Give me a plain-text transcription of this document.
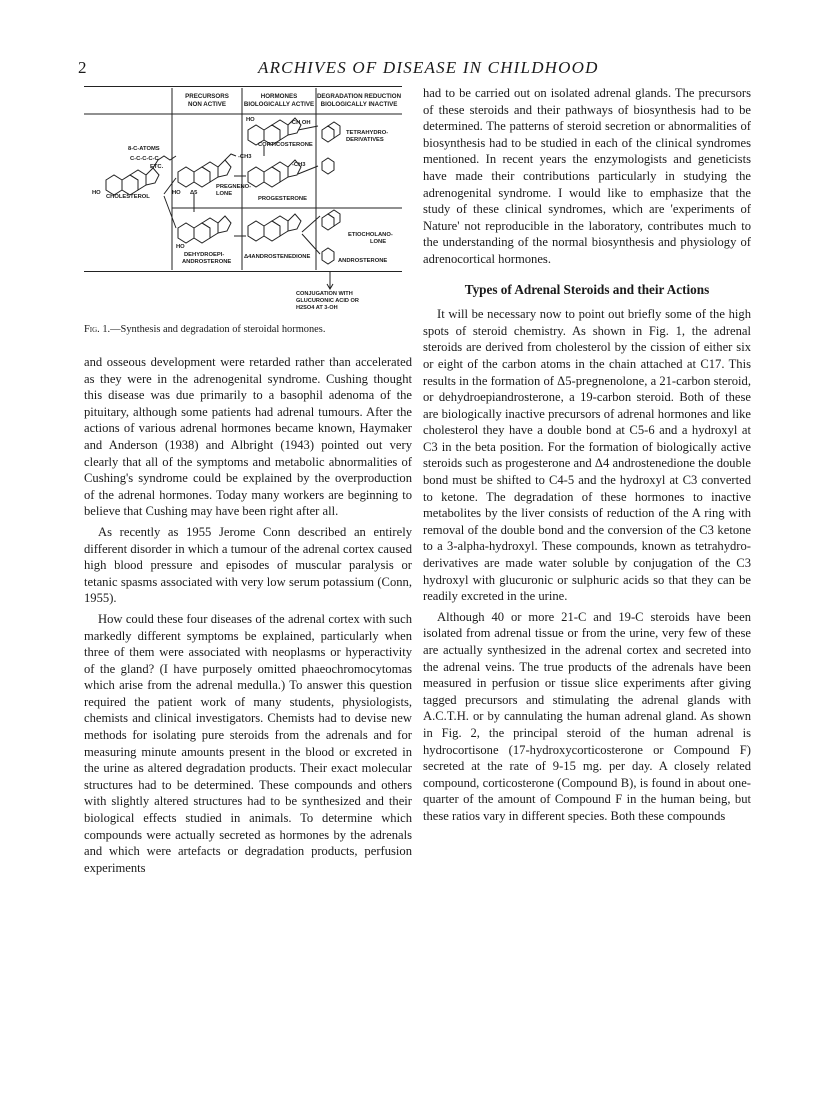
2	ARCHIVES OF DISEASE IN CHILDHOOD
PRECURSORS
NON ACTIVE
HORMONES
BIOLOGICALLY ACTIVE
DEGRADATION REDUCTION
BIOLOGICALLY INACTIVE
8-C-ATOMS
C-C-C-C-C
ETC.
HO
CHOLESTEROL
-CH3
HO Δ5
PREGNENO-
LONE
HO
DEHYDROEPI-
ANDROSTERONE
HO	-CH OH
CORTICOSTERONE
-CH3
PROGESTERONE
Δ4ANDROSTENEDIONE
TETRAHYDRO-
DERIVATIVES
ETIOCHOLANO-
LONE
ANDROSTERONE
CONJUGATION WITH
GLUCURONIC ACID OR
H2SO4 AT 3-OH
Fig. 1.—Synthesis and degradation of steroidal hormones.

and osseous development were retarded rather than accelerated as they were in the adrenogenital syndrome. Cushing thought this disease was due primarily to a basophil adenoma of the pituitary, although some patients had adrenal tumours. After the actions of various adrenal hormones became known, Haymaker and Anderson (1938) and Albright (1943) pointed out very clearly that all of the symptoms and metabolic abnormalities of Cushing's syndrome could be explained by the overproduction of the adrenal hormones. Today many workers are beginning to believe that Cushing may have been right after all.

As recently as 1955 Jerome Conn described an entirely different disorder in which a tumour of the adrenal cortex caused high blood pressure and episodes of muscular paralysis or tetanic spasms associated with very low serum potassium (Conn, 1955).

How could these four diseases of the adrenal cortex with such markedly different symptoms be explained, particularly when three of them were associated with neoplasms or hyperactivity of the gland? (I have purposely omitted phaeochromocytomas which arise from the adrenal medulla.) To answer this question required the patient work of many students, physiologists, chemists and clinical investigators. Chemists had to devise new methods for isolating pure steroids from the adrenals and for measuring minute amounts present in the blood or excreted in the urine as altered degradation products. Their exact molecular structures had to be determined. These compounds and others with slightly altered structures had to be synthesized and their biological effects studied in animals. To determine which compounds were actually secreted as hormones by the adrenals and which were artefacts or degradation products, perfusion experiments

had to be carried out on isolated adrenal glands. The precursors of these steroids and their pathways of biosynthesis had to be determined. The patterns of steroid secretion or abnormalities of biosynthesis had to be studied in each of the clinical syndromes mentioned. In recent years the enzymologists and geneticists have made their contributions particularly in studying the adrenogenital syndrome. I would like to emphasize that the study of these clinical syndromes, which are 'experiments of Nature' not reproducible in the laboratory, contributes much to the understanding of the normal biosynthesis and physiology of adrenocortical hormones.

Types of Adrenal Steroids and their Actions

It will be necessary now to point out briefly some of the high spots of steroid chemistry. As shown in Fig. 1, the adrenal steroids are derived from cholesterol by the cission of either six or eight of the carbon atoms in the chain attached at C17. This results in the formation of Δ5-pregnenolone, a 21-carbon steroid, or dehydroepiandrosterone, a 19-carbon steroid. Both of these are biologically inactive precursors of adrenal hormones and like cholesterol they have a double bond at C5-6 and a hydroxyl at C3 in the beta position. For the formation of biologically active steroids such as progesterone and Δ4 androstenedione the double bond must be shifted to C4-5 and the hydroxyl at C3 converted to ketone. The degradation of these hormones to inactive metabolites by the liver consists of reduction of the A ring with removal of the double bond and the conversion of the C3 ketone to a 3-alpha-hydroxyl. These compounds, known as tetrahydro-derivatives are made water soluble by conjugation of the C3 hydroxyl with glucuronic or sulphuric acids so that they can be readily excreted in the urine.

Although 40 or more 21-C and 19-C steroids have been isolated from adrenal tissue or from the urine, very few of these are actually synthesized in the adrenal cortex and secreted into the adrenal veins. The true products of the adrenals have been measured in perfusion or tissue slice experiments after giving tagged precursors and stimulating the adrenal glands with A.C.T.H. or by cannulating the human adrenal gland. As shown in Fig. 2, the principal steroid of the human adrenal is hydrocortisone (17-hydroxycorticosterone or Compound F) secreted at the rate of 9-15 mg. per day. A closely related compound, corticosterone (Compound B), is found in about one-quarter of the amount of Compound F in the human being, but these ratios vary in different species. Both these compounds
